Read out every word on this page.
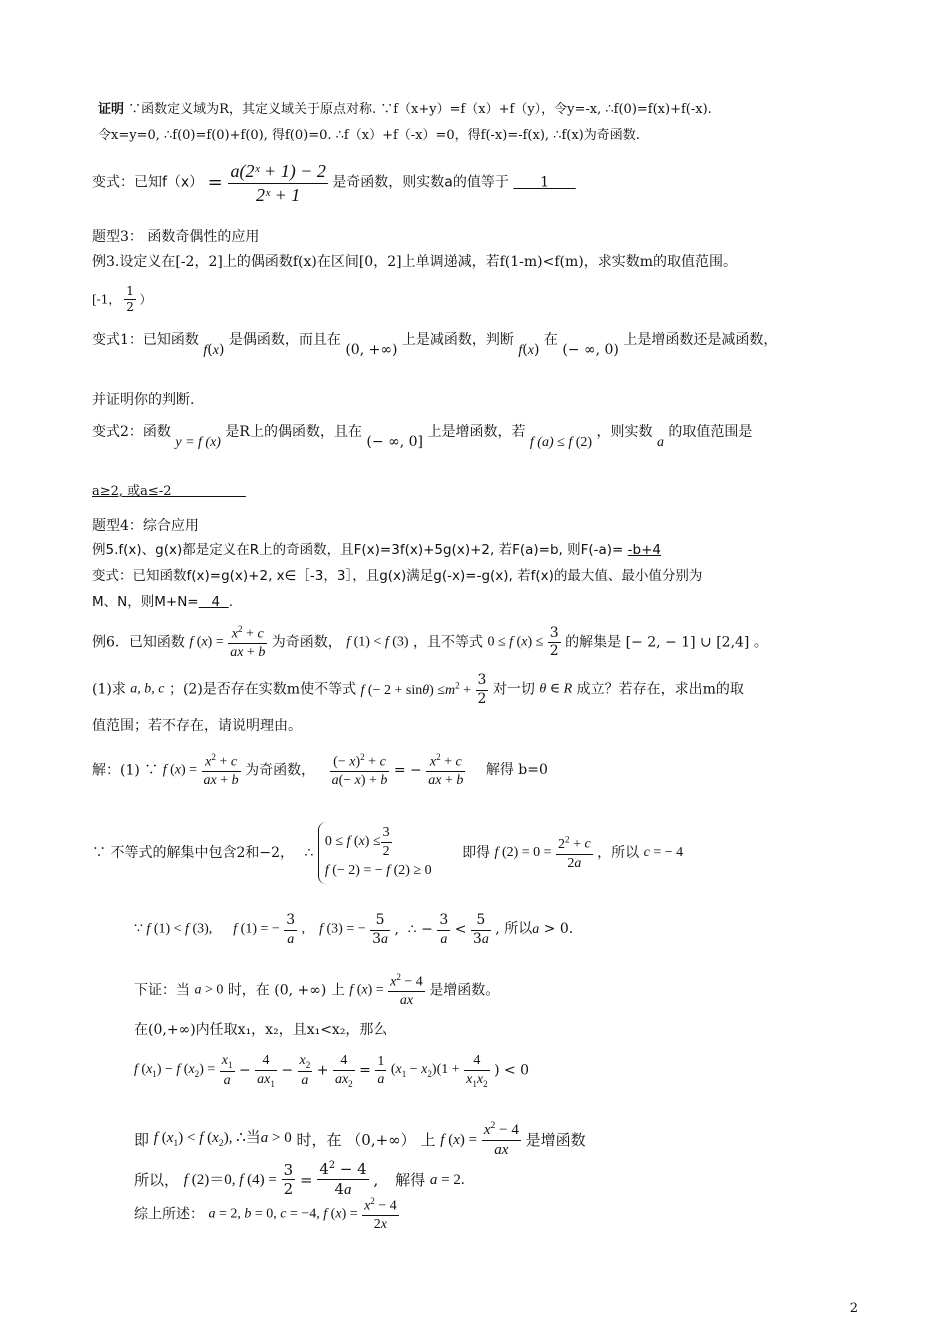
证明 ∵函数定义域为R，其定义域关于原点对称. ∵f（x+y）=f（x）+f（y），令y=-x, ∴f(0)=f(x)+f(-x).
令x=y=0, ∴f(0)=f(0)+f(0), 得f(0)=0. ∴f（x）+f（-x）=0，得f(-x)=-f(x), ∴f(x)为奇函数.
变式：已知$f(x) = \frac{\text{a(2ˣ + 1) − 2}}{\text{2ˣ + 1}}$ 是奇函数，则实数a的值等于 1
题型3： 函数奇偶性的应用
例3.设定义在[-2，2]上的偶函数f(x)在区间[0，2]上单调递减，若f(1-m)<f(m)，求实数m的取值范围。
[-1， $\frac{1}{2}$ ）
变式1：已知函数 f(x) 是偶函数，而且在 (0, +∞) 上是减函数，判断 f(x) 在 (− ∞, 0) 上是增函数还是减函数，
并证明你的判断.
变式2：函数 y = f (x) 是R上的偶函数，且在 (− ∞, 0] 上是增函数，若 f (a) ≤ f (2) ，则实数 a 的取值范围是
a≥2, 或a≤-2
题型4：综合应用
例5.f(x)、g(x)都是定义在R上的奇函数，且F(x)=3f(x)+5g(x)+2, 若F(a)=b, 则F(-a)= -b+4
变式：已知函数f(x)=g(x)+2, x∈［-3，3］，且g(x)满足g(-x)=-g(x), 若f(x)的最大值、最小值分别为
M、N，则M+N= 4 .
例6．已知函数 f $(x) = \frac{x^2 + c}{ax + b}$ 为奇函数， f (1) < f (3) ，且不等式 0 ≤ f $(x) \le \frac{3}{2}$ 的解集是 [− 2, − 1] ∪ [2,4] 。
(1)求 a, b, c ；(2)是否存在实数m使不等式 f (− $2 + \sin\theta) \le m^2 + \frac{3}{2}$ 对一切 θ ∈ R 成立？若存在，求出m的取
值范围；若不存在，请说明理由。
解：(1) ∵ f $(x) = \frac{x^2 + c}{ax + b}$ 为奇函数， $\frac{(- x)^2 + c}{a(- x) + b}$ = − $\frac{x^2 + c}{ax + b}$ 解得 b=0
∵ 不等式的解集中包含2和−2， ∴
0 ≤ f $(x) \le \frac{3}{2}$
f (− 2) = − f (2) ≥ 0
即得 f $(2) = 0 = \frac{2^2 + c}{2a}$ ，所以 c = − 4
∵ f (1) < f (3),      f (1) = − $\frac{3}{a}$ ,    f (3) = − $\frac{5}{3a}$ ,  ∴ − $\frac{3}{a} < \frac{5}{3a}$ , 所以a > 0.
下证：当 a > 0 时，在 (0, +∞) 上 f $(x) = \frac{x^2 - 4}{ax}$ 是增函数。
在(0,+∞)内任取x₁，x₂，且x₁<x₂，那么
f $(x_1) - f$ $(x_2) = \frac{x_1}{a} - \frac{4}{ax_1} - \frac{x_2}{a} + \frac{4}{ax_2} = \frac{1}{a} (x_1 - x_2)(1 + \frac{4}{x_1x_2}$ ) < 0
即 f $(x_1) < f$ $(x_2)$, ∴当a > 0 时，在 （0,+∞） 上 f $(x) = \frac{x^2 - 4}{ax}$ 是增函数
所以， f (2)＝0, f $(4) = \frac{3}{2} = \frac{4^2 - 4}{4a}$ , 解得 a = 2.
综上所述： a = 2, b = 0, c = −4, f $(x) = \frac{x^2 - 4}{2x}$
2
